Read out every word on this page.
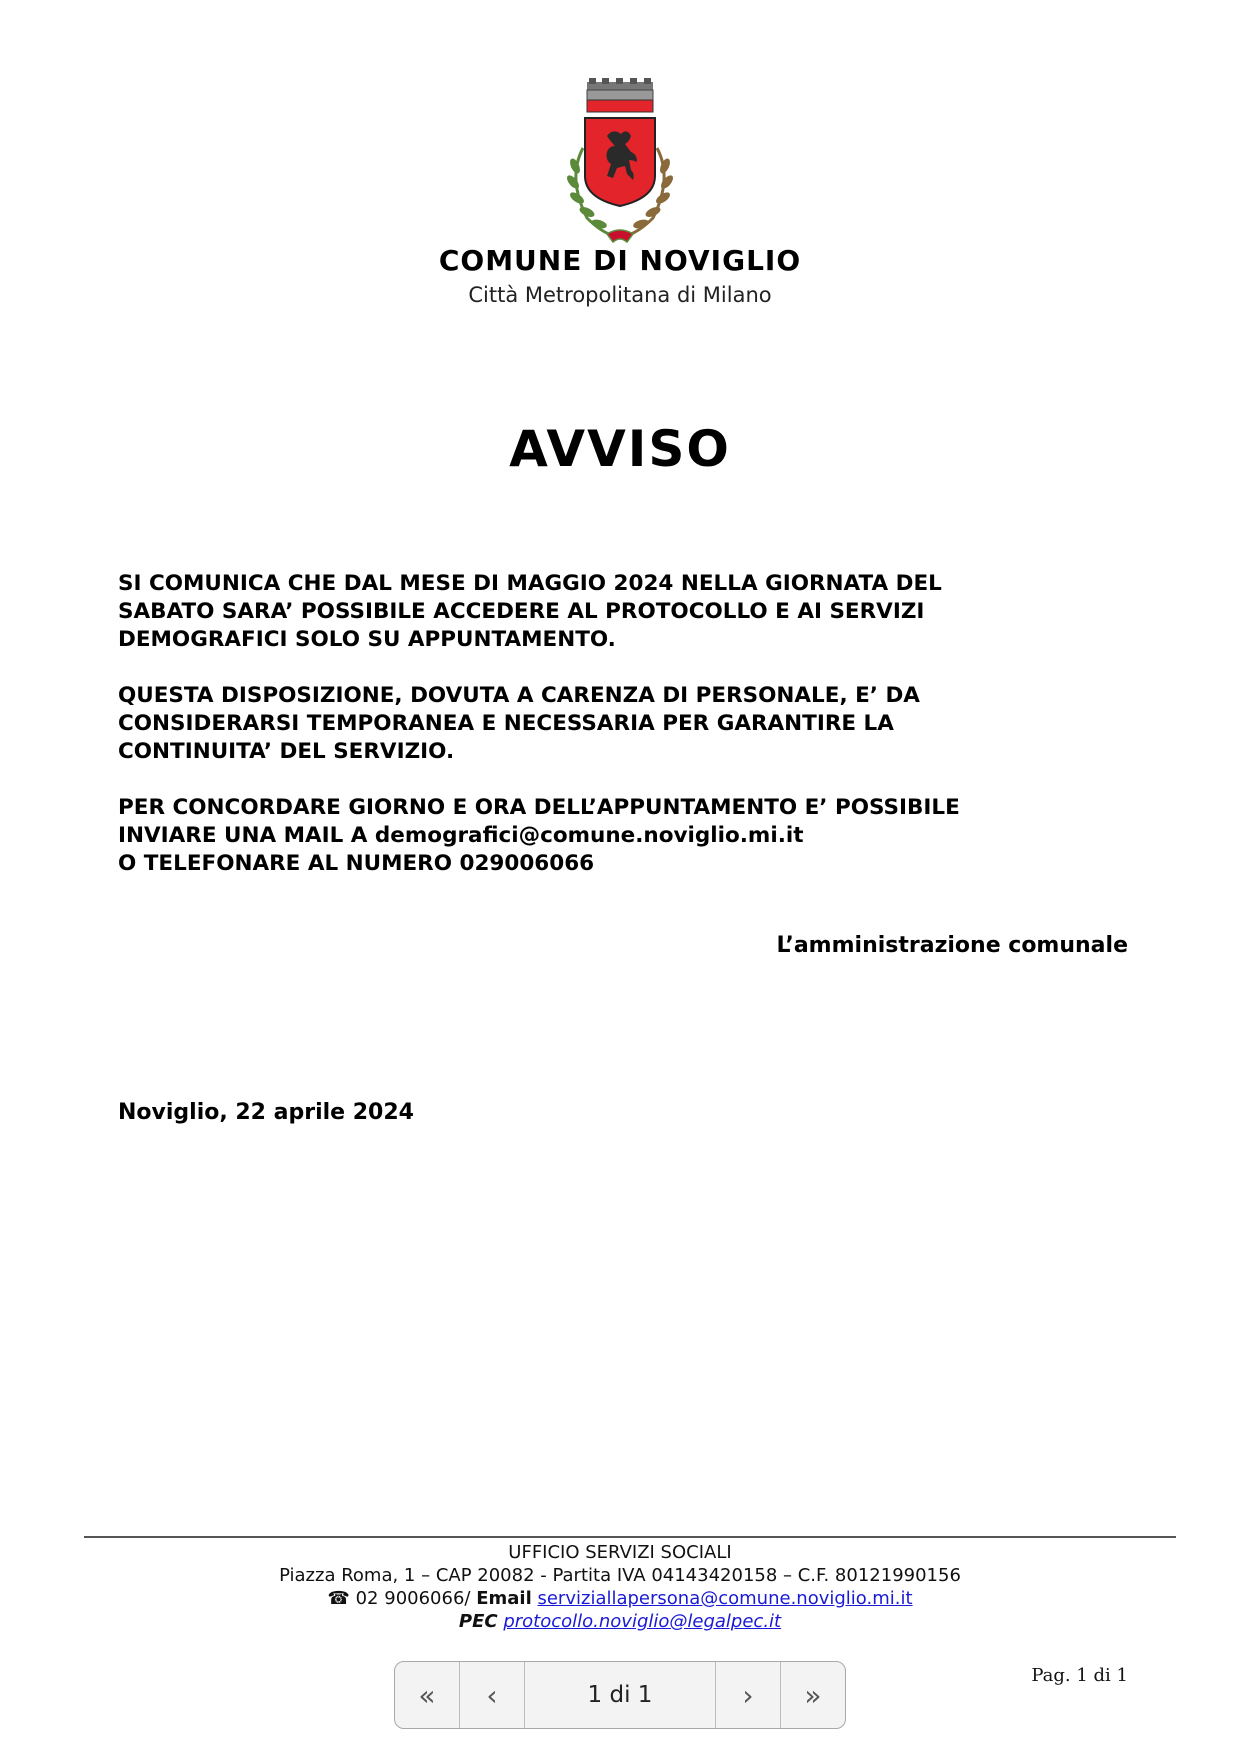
COMUNE DI NOVIGLIO
Città Metropolitana di Milano
AVVISO

SI COMUNICA CHE DAL MESE DI MAGGIO 2024 NELLA GIORNATA DEL
SABATO SARA’ POSSIBILE ACCEDERE AL PROTOCOLLO E AI SERVIZI
DEMOGRAFICI SOLO SU APPUNTAMENTO.

QUESTA DISPOSIZIONE, DOVUTA A CARENZA DI PERSONALE, E’ DA
CONSIDERARSI TEMPORANEA E NECESSARIA PER GARANTIRE LA
CONTINUITA’ DEL SERVIZIO.

PER CONCORDARE GIORNO E ORA DELL’APPUNTAMENTO E’ POSSIBILE
INVIARE UNA MAIL A demografici@comune.noviglio.mi.it
O TELEFONARE AL NUMERO 029006066

L’amministrazione comunale
Noviglio, 22 aprile 2024
UFFICIO SERVIZI SOCIALI
Piazza Roma, 1 – CAP 20082 - Partita IVA 04143420158 – C.F. 80121990156
☎ 02 9006066/ Email serviziallapersona@comune.noviglio.mi.it
PEC protocollo.noviglio@legalpec.it
Pag. 1 di 1
«	‹	1 di 1	›	»
